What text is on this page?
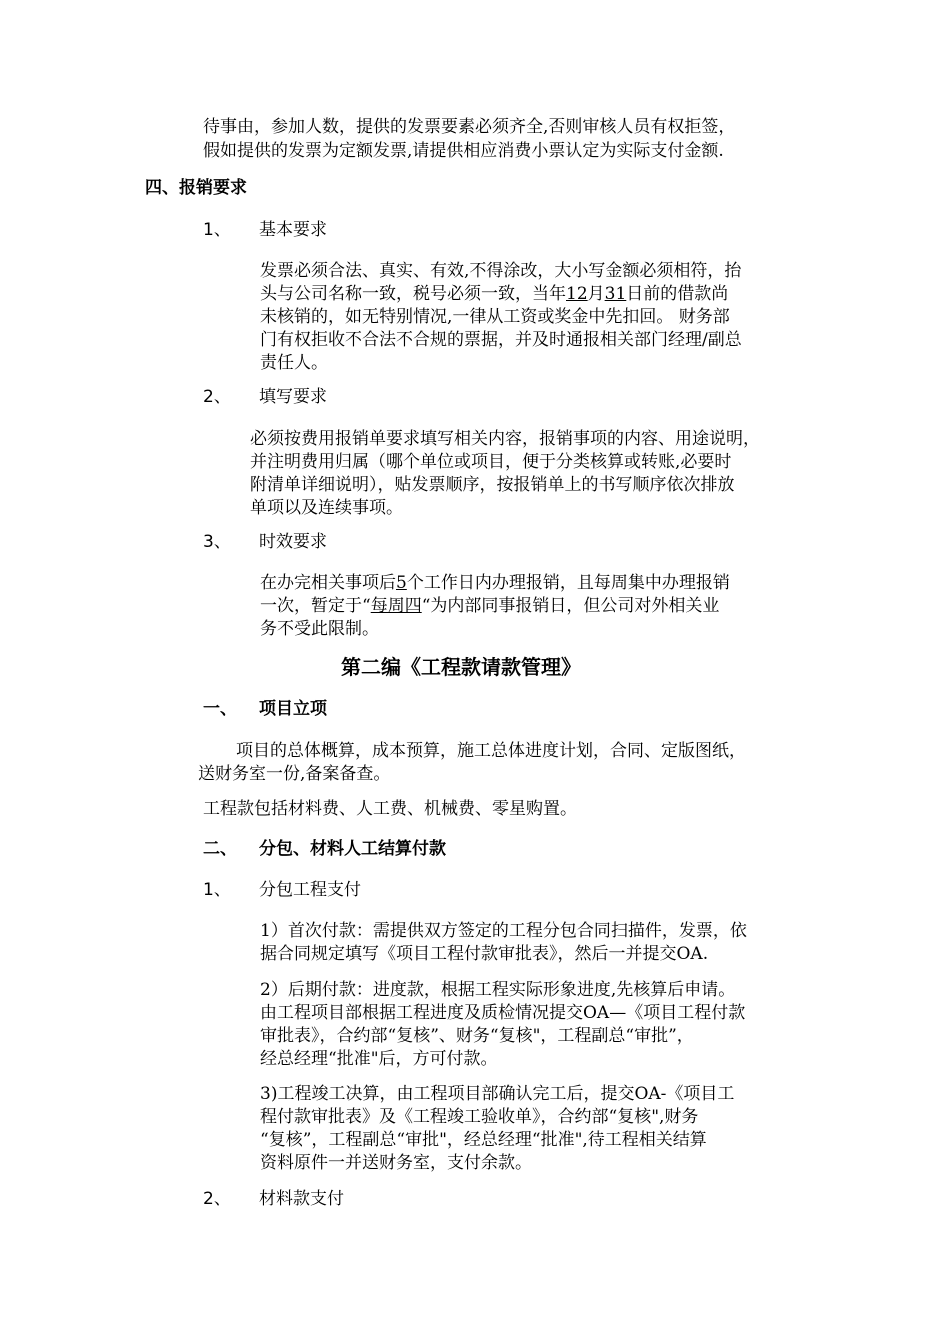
待事由，参加人数，提供的发票要素必须齐全,否则审核人员有权拒签，
假如提供的发票为定额发票,请提供相应消费小票认定为实际支付金额.
四、报销要求
1、 基本要求
发票必须合法、真实、有效,不得涂改，大小写金额必须相符，抬
头与公司名称一致，税号必须一致，当年12月31日前的借款尚
未核销的，如无特别情况,一律从工资或奖金中先扣回。 财务部
门有权拒收不合法不合规的票据，并及时通报相关部门经理/副总
责任人。
2、 填写要求
必须按费用报销单要求填写相关内容，报销事项的内容、用途说明，
并注明费用归属（哪个单位或项目，便于分类核算或转账,必要时
附清单详细说明），贴发票顺序，按报销单上的书写顺序依次排放
单项以及连续事项。
3、 时效要求
在办完相关事项后5个工作日内办理报销，且每周集中办理报销
一次，暂定于“每周四“为内部同事报销日，但公司对外相关业
务不受此限制。
第二编《工程款请款管理》
一、 项目立项
项目的总体概算，成本预算，施工总体进度计划，合同、定版图纸，
送财务室一份,备案备查。
工程款包括材料费、人工费、机械费、零星购置。
二、 分包、材料人工结算付款
1、 分包工程支付
1）首次付款：需提供双方签定的工程分包合同扫描件，发票，依
据合同规定填写《项目工程付款审批表》，然后一并提交OA.
2）后期付款：进度款，根据工程实际形象进度,先核算后申请。
由工程项目部根据工程进度及质检情况提交OA—《项目工程付款
审批表》，合约部“复核”、财务“复核"，工程副总“审批”，
经总经理“批准"后，方可付款。
3)工程竣工决算，由工程项目部确认完工后，提交OA-《项目工
程付款审批表》及《工程竣工验收单》，合约部“复核",财务
“复核”，工程副总“审批"，经总经理“批准",待工程相关结算
资料原件一并送财务室，支付余款。
2、 材料款支付
